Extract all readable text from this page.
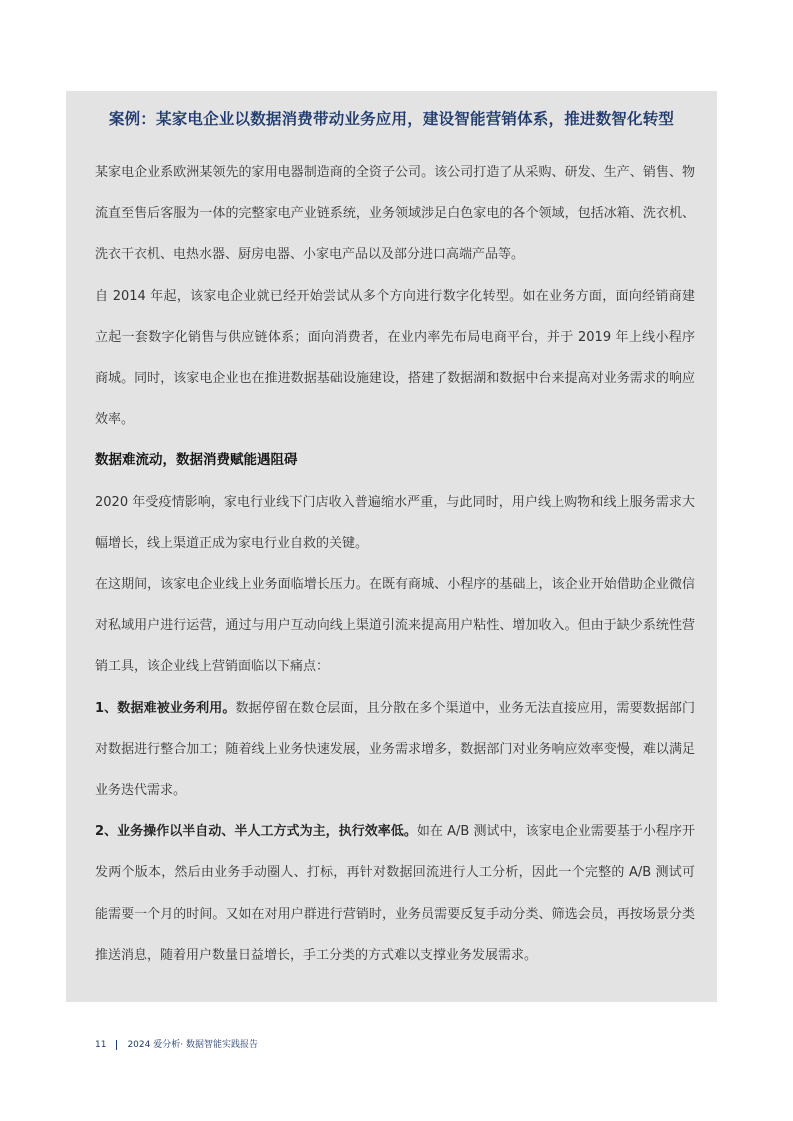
案例：某家电企业以数据消费带动业务应用，建设智能营销体系，推进数智化转型

某家电企业系欧洲某领先的家用电器制造商的全资子公司。该公司打造了从采购、研发、生产、销售、物流直至售后客服为一体的完整家电产业链系统，业务领域涉足白色家电的各个领域，包括冰箱、洗衣机、洗衣干衣机、电热水器、厨房电器、小家电产品以及部分进口高端产品等。

自 2014 年起，该家电企业就已经开始尝试从多个方向进行数字化转型。如在业务方面，面向经销商建立起一套数字化销售与供应链体系；面向消费者，在业内率先布局电商平台，并于 2019 年上线小程序商城。同时，该家电企业也在推进数据基础设施建设，搭建了数据湖和数据中台来提高对业务需求的响应效率。

数据难流动，数据消费赋能遇阻碍

2020 年受疫情影响，家电行业线下门店收入普遍缩水严重，与此同时，用户线上购物和线上服务需求大幅增长，线上渠道正成为家电行业自救的关键。

在这期间，该家电企业线上业务面临增长压力。在既有商城、小程序的基础上，该企业开始借助企业微信对私域用户进行运营，通过与用户互动向线上渠道引流来提高用户粘性、增加收入。但由于缺少系统性营销工具，该企业线上营销面临以下痛点：

1、数据难被业务利用。数据停留在数仓层面，且分散在多个渠道中，业务无法直接应用，需要数据部门对数据进行整合加工；随着线上业务快速发展，业务需求增多，数据部门对业务响应效率变慢，难以满足业务迭代需求。

2、业务操作以半自动、半人工方式为主，执行效率低。如在 A/B 测试中，该家电企业需要基于小程序开发两个版本，然后由业务手动圈人、打标，再针对数据回流进行人工分析，因此一个完整的 A/B 测试可能需要一个月的时间。又如在对用户群进行营销时，业务员需要反复手动分类、筛选会员，再按场景分类推送消息，随着用户数量日益增长，手工分类的方式难以支撑业务发展需求。

11 2024 爱分析· 数据智能实践报告
